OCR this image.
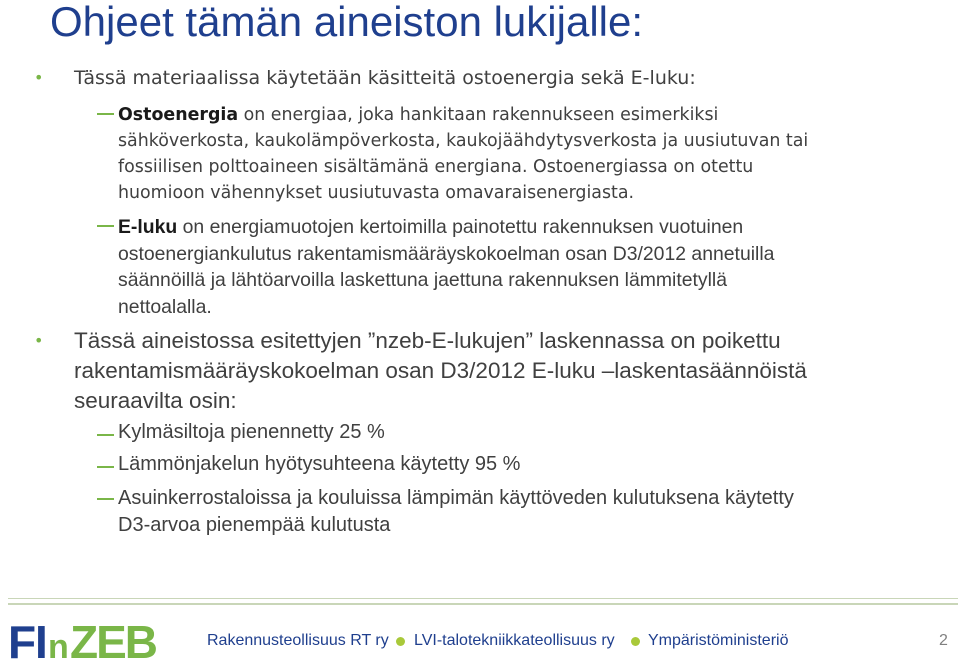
Ohjeet tämän aineiston lukijalle:
• Tässä materiaalissa käytetään käsitteitä ostoenergia sekä E-luku:
Ostoenergia on energiaa, joka hankitaan rakennukseen esimerkiksi
sähköverkosta, kaukolämpöverkosta, kaukojäähdytysverkosta ja uusiutuvan tai
fossiilisen polttoaineen sisältämänä energiana. Ostoenergiassa on otettu
huomioon vähennykset uusiutuvasta omavaraisenergiasta.
E-luku on energiamuotojen kertoimilla painotettu rakennuksen vuotuinen
ostoenergiankulutus rakentamismääräyskokoelman osan D3/2012 annetuilla
säännöillä ja lähtöarvoilla laskettuna jaettuna rakennuksen lämmitetyllä
nettoalalla.
• Tässä aineistossa esitettyjen ”nzeb-E-lukujen” laskennassa on poikettu
rakentamismääräyskokoelman osan D3/2012 E-luku –laskentasäännöistä
seuraavilta osin:
Kylmäsiltoja pienennetty 25 %
Lämmönjakelun hyötysuhteena käytetty 95 %
Asuinkerrostaloissa ja kouluissa lämpimän käyttöveden kulutuksena käytetty
D3-arvoa pienempää kulutusta
F I n ZEB	Rakennusteollisuus RT ry LVI-talotekniikkateollisuus ry Ympäristöministeriö	2
